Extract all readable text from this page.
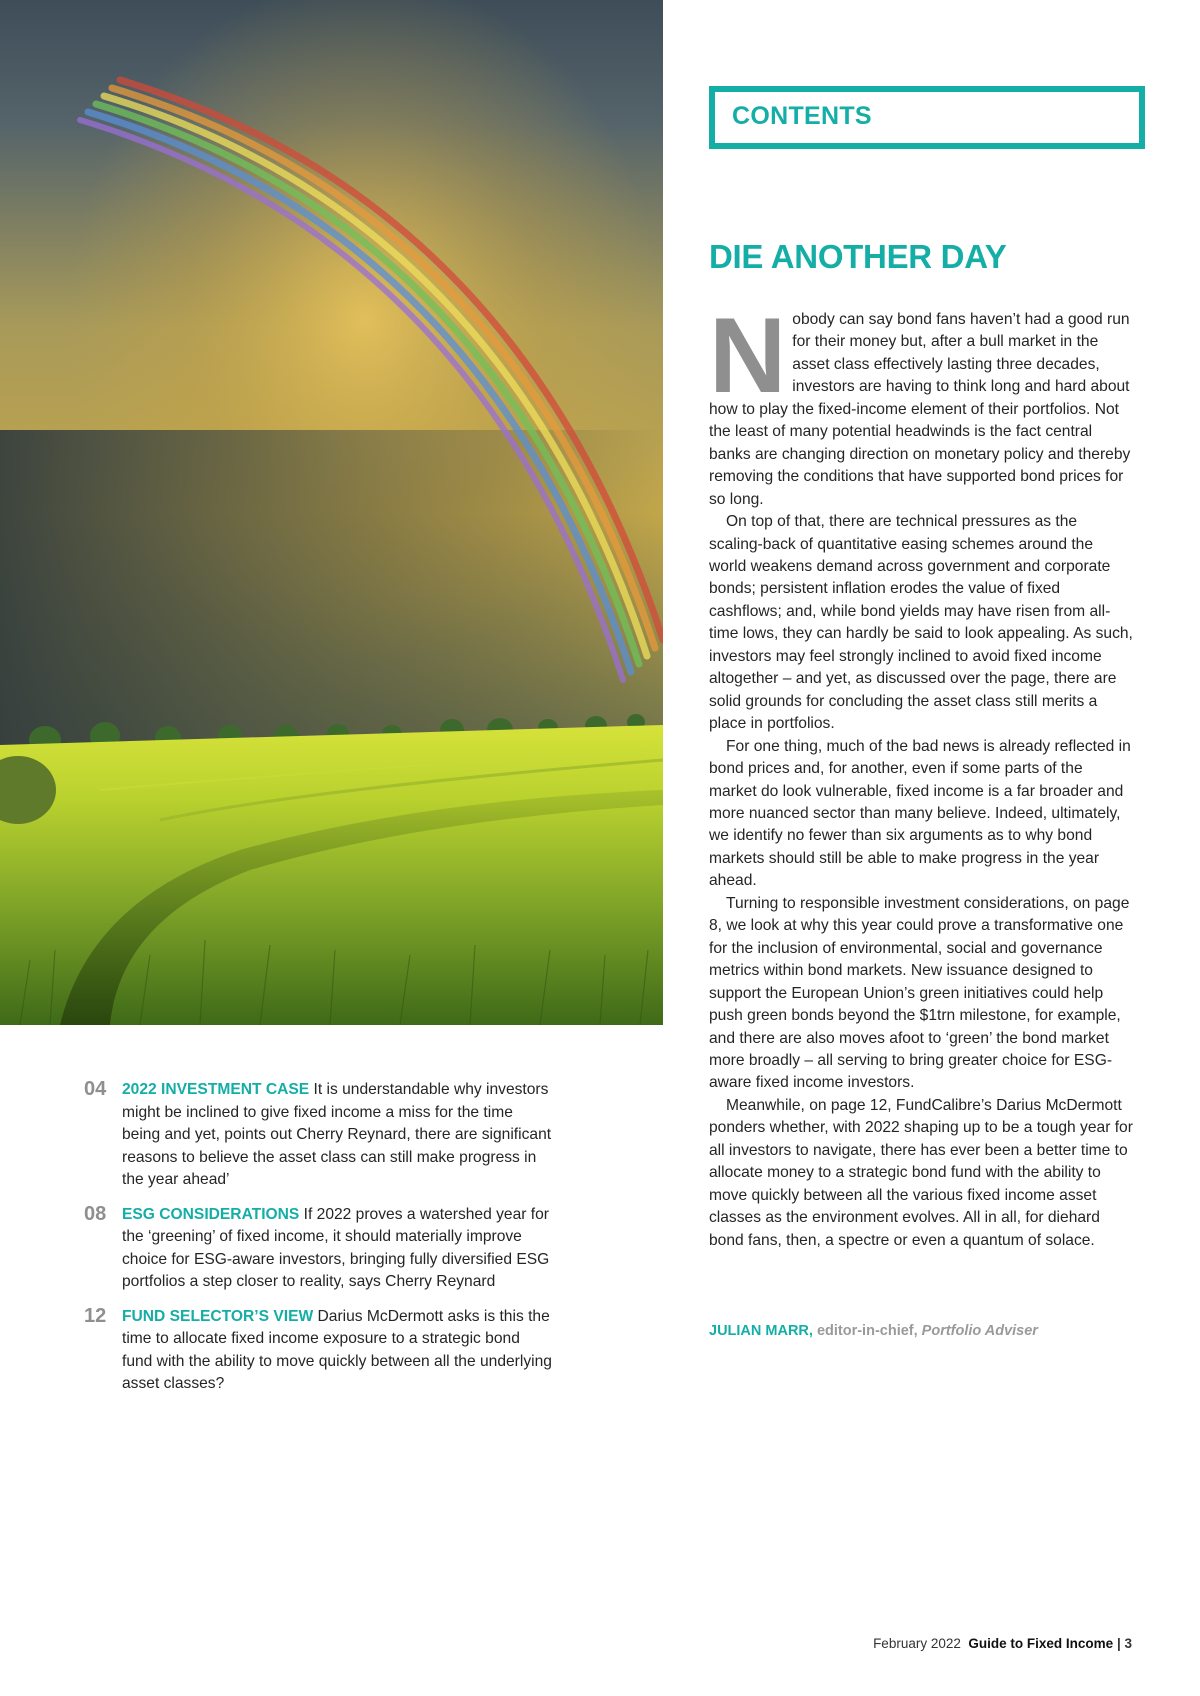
CONTENTS
DIE ANOTHER DAY

Nobody can say bond fans haven’t had a good run for their money but, after a bull market in the asset class effectively lasting three decades, investors are having to think long and hard about how to play the fixed-income element of their portfolios. Not the least of many potential headwinds is the fact central banks are changing direction on monetary policy and thereby removing the conditions that have supported bond prices for so long.

On top of that, there are technical pressures as the scaling-back of quantitative easing schemes around the world weakens demand across government and corporate bonds; persistent inflation erodes the value of fixed cashflows; and, while bond yields may have risen from all-time lows, they can hardly be said to look appealing. As such, investors may feel strongly inclined to avoid fixed income altogether – and yet, as discussed over the page, there are solid grounds for concluding the asset class still merits a place in portfolios.

For one thing, much of the bad news is already reflected in bond prices and, for another, even if some parts of the market do look vulnerable, fixed income is a far broader and more nuanced sector than many believe. Indeed, ultimately, we identify no fewer than six arguments as to why bond markets should still be able to make progress in the year ahead.

Turning to responsible investment considerations, on page 8, we look at why this year could prove a transformative one for the inclusion of environmental, social and governance metrics within bond markets. New issuance designed to support the European Union’s green initiatives could help push green bonds beyond the $1trn milestone, for example, and there are also moves afoot to ‘green’ the bond market more broadly – all serving to bring greater choice for ESG-aware fixed income investors.

Meanwhile, on page 12, FundCalibre’s Darius McDermott ponders whether, with 2022 shaping up to be a tough year for all investors to navigate, there has ever been a better time to allocate money to a strategic bond fund with the ability to move quickly between all the various fixed income asset classes as the environment evolves. All in all, for diehard bond fans, then, a spectre or even a quantum of solace.

JULIAN MARR, editor-in-chief, Portfolio Adviser
04 2022 INVESTMENT CASE It is understandable why investors might be inclined to give fixed income a miss for the time being and yet, points out Cherry Reynard, there are significant reasons to believe the asset class can still make progress in the year ahead’
08 ESG CONSIDERATIONS If 2022 proves a watershed year for the ‘greening’ of fixed income, it should materially improve choice for ESG-aware investors, bringing fully diversified ESG portfolios a step closer to reality, says Cherry Reynard
12 FUND SELECTOR’S VIEW Darius McDermott asks is this the time to allocate fixed income exposure to a strategic bond fund with the ability to move quickly between all the underlying asset classes?
February 2022 Guide to Fixed Income | 3
